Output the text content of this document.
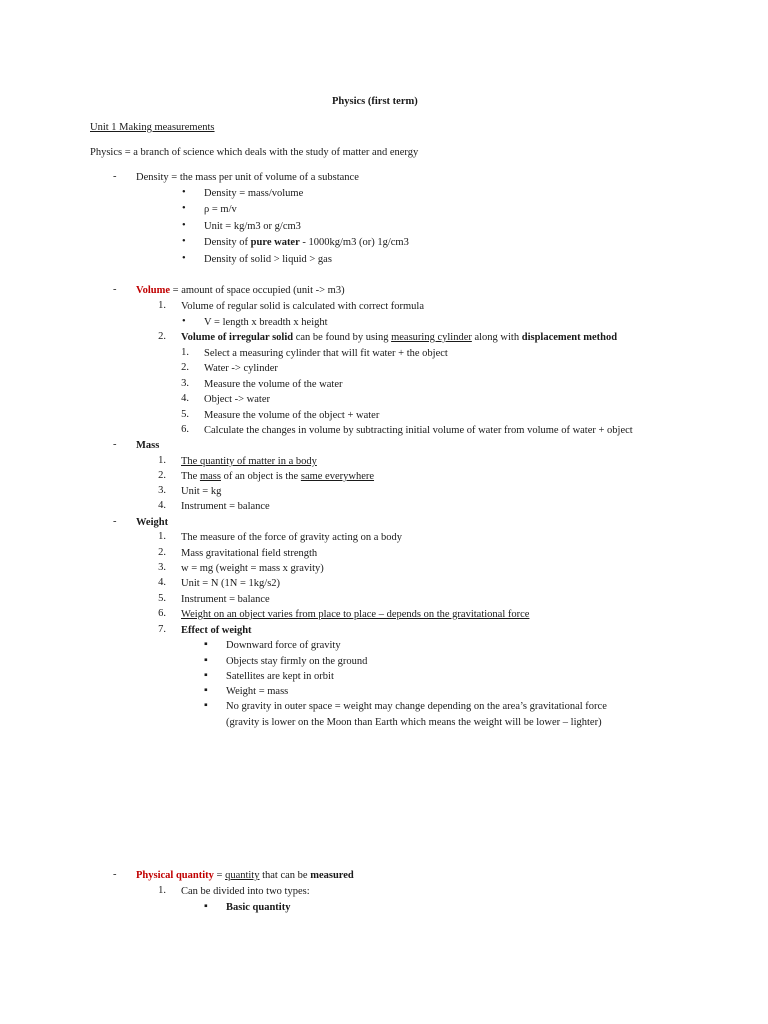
Physics (first term)
Unit 1 Making measurements
Physics = a branch of science which deals with the study of matter and energy
- Density = the mass per unit of volume of a substance
• Density = mass/volume
• ρ = m/v
• Unit = kg/m3 or g/cm3
• Density of pure water - 1000kg/m3 (or) 1g/cm3
• Density of solid > liquid > gas
- Volume = amount of space occupied (unit -> m3)
1. Volume of regular solid is calculated with correct formula
• V = length x breadth x height
2. Volume of irregular solid can be found by using measuring cylinder along with displacement method
1. Select a measuring cylinder that will fit water + the object
2. Water -> cylinder
3. Measure the volume of the water
4. Object -> water
5. Measure the volume of the object + water
6. Calculate the changes in volume by subtracting initial volume of water from volume of water + object
- Mass
1. The quantity of matter in a body
2. The mass of an object is the same everywhere
3. Unit = kg
4. Instrument = balance
- Weight
1. The measure of the force of gravity acting on a body
2. Mass gravitational field strength
3. w = mg (weight = mass x gravity)
4. Unit = N (1N = 1kg/s2)
5. Instrument = balance
6. Weight on an object varies from place to place – depends on the gravitational force
7. Effect of weight
▪ Downward force of gravity
▪ Objects stay firmly on the ground
▪ Satellites are kept in orbit
▪ Weight = mass
▪ No gravity in outer space = weight may change depending on the area’s gravitational force
(gravity is lower on the Moon than Earth which means the weight will be lower – lighter)
- Physical quantity = quantity that can be measured
1. Can be divided into two types:
▪ Basic quantity
